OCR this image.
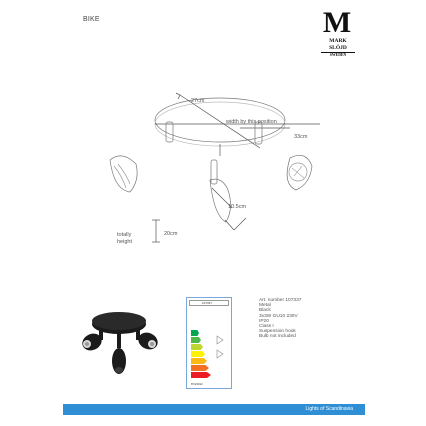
BIKE	M
MARK
SLÖJD
SWEDEN
27cm
width by this position
33cm
10.5cm
totally
height
20cm
107337
874/2012
Art. number 107337
Metal
Black
3x3W GU10 230V
IP20
Class I
Suspension hook
Bulb not included
Lights of Scandinavia
